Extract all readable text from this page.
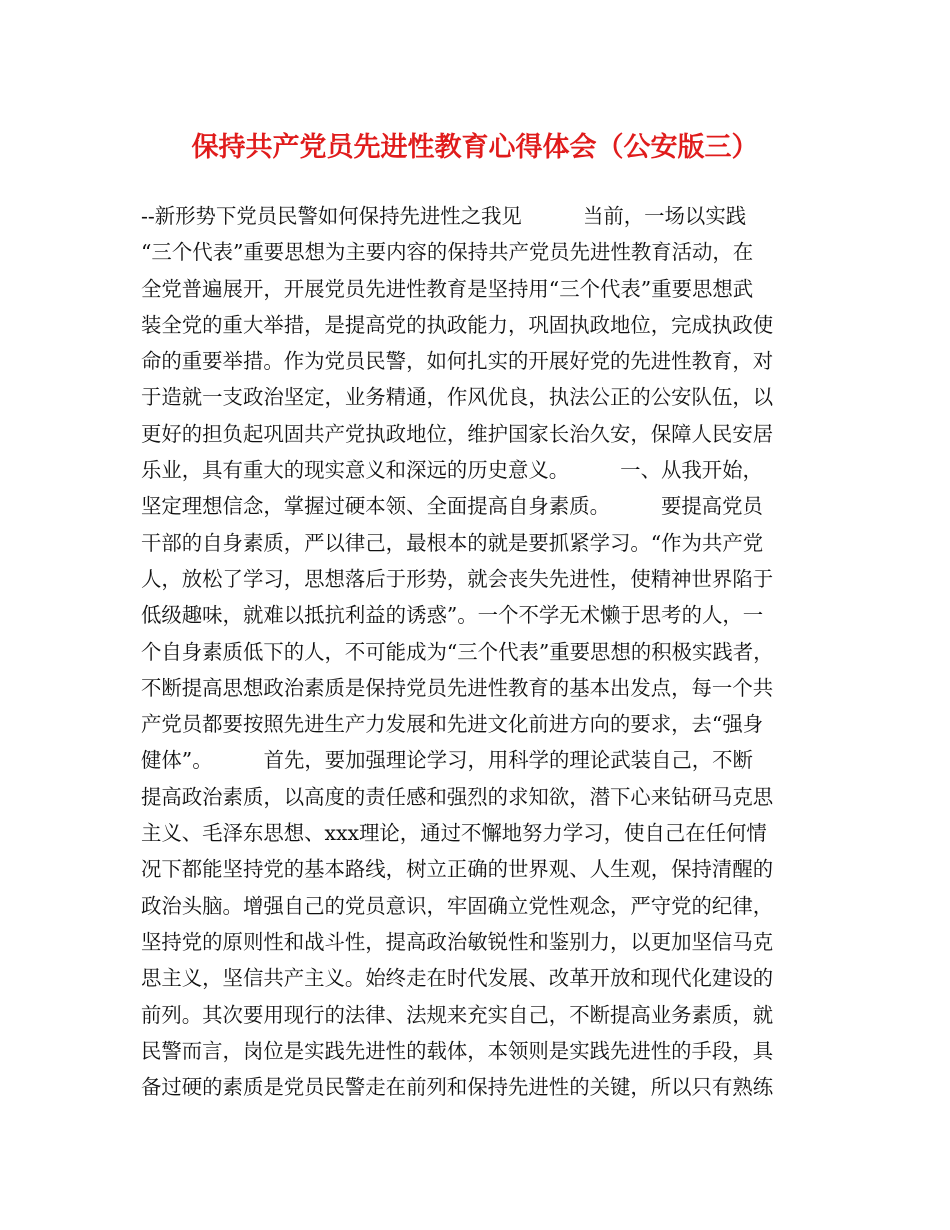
保持共产党员先进性教育心得体会（公安版三）
--新形势下党员民警如何保持先进性之我见　　　当前，一场以实践
“三个代表”重要思想为主要内容的保持共产党员先进性教育活动，在
全党普遍展开，开展党员先进性教育是坚持用“三个代表”重要思想武
装全党的重大举措，是提高党的执政能力，巩固执政地位，完成执政使
命的重要举措。作为党员民警，如何扎实的开展好党的先进性教育，对
于造就一支政治坚定，业务精通，作风优良，执法公正的公安队伍，以
更好的担负起巩固共产党执政地位，维护国家长治久安，保障人民安居
乐业，具有重大的现实意义和深远的历史意义。　　　一、从我开始，
坚定理想信念，掌握过硬本领、全面提高自身素质。　　　要提高党员
干部的自身素质，严以律己，最根本的就是要抓紧学习。“作为共产党
人，放松了学习，思想落后于形势，就会丧失先进性，使精神世界陷于
低级趣味，就难以抵抗利益的诱惑”。一个不学无术懒于思考的人，一
个自身素质低下的人，不可能成为“三个代表”重要思想的积极实践者，
不断提高思想政治素质是保持党员先进性教育的基本出发点，每一个共
产党员都要按照先进生产力发展和先进文化前进方向的要求，去“强身
健体”。　　　首先，要加强理论学习，用科学的理论武装自己，不断
提高政治素质，以高度的责任感和强烈的求知欲，潜下心来钻研马克思
主义、毛泽东思想、xxx理论，通过不懈地努力学习，使自己在任何情
况下都能坚持党的基本路线，树立正确的世界观、人生观，保持清醒的
政治头脑。增强自己的党员意识，牢固确立党性观念，严守党的纪律，
坚持党的原则性和战斗性，提高政治敏锐性和鉴别力，以更加坚信马克
思主义，坚信共产主义。始终走在时代发展、改革开放和现代化建设的
前列。其次要用现行的法律、法规来充实自己，不断提高业务素质，就
民警而言，岗位是实践先进性的载体，本领则是实践先进性的手段，具
备过硬的素质是党员民警走在前列和保持先进性的关键，所以只有熟练
